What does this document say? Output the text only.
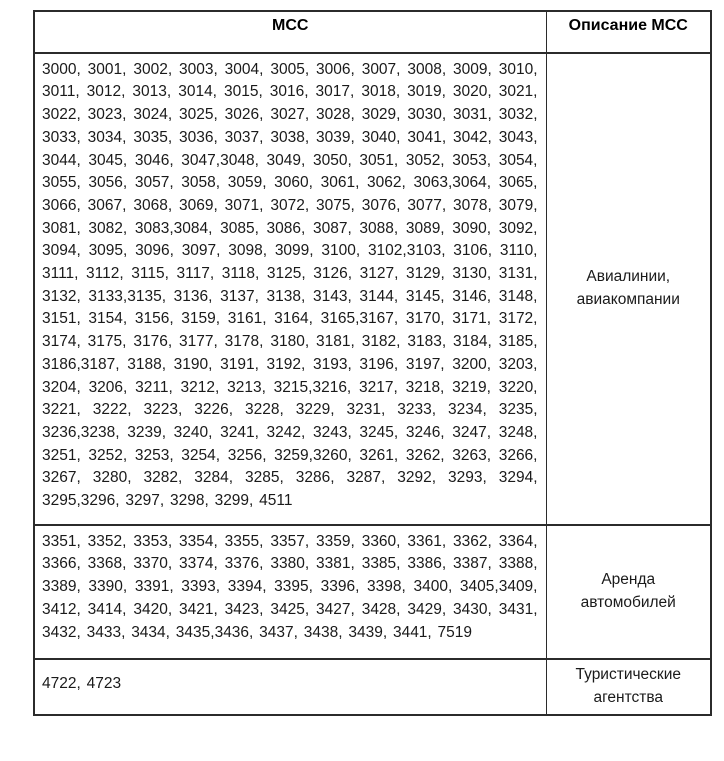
MCC	Описание MCC
3000, 3001, 3002, 3003, 3004, 3005, 3006, 3007, 3008, 3009, 3010, 3011, 3012, 3013, 3014, 3015, 3016, 3017, 3018, 3019, 3020, 3021, 3022, 3023, 3024, 3025, 3026, 3027, 3028, 3029, 3030, 3031, 3032, 3033, 3034, 3035, 3036, 3037, 3038, 3039, 3040, 3041, 3042, 3043, 3044, 3045, 3046, 3047,3048, 3049, 3050, 3051, 3052, 3053, 3054, 3055, 3056, 3057, 3058, 3059, 3060, 3061, 3062, 3063,3064, 3065, 3066, 3067, 3068, 3069, 3071, 3072, 3075, 3076, 3077, 3078, 3079, 3081, 3082, 3083,3084, 3085, 3086, 3087, 3088, 3089, 3090, 3092, 3094, 3095, 3096, 3097, 3098, 3099, 3100, 3102,3103, 3106, 3110, 3111, 3112, 3115, 3117, 3118, 3125, 3126, 3127, 3129, 3130, 3131, 3132, 3133,3135, 3136, 3137, 3138, 3143, 3144, 3145, 3146, 3148, 3151, 3154, 3156, 3159, 3161, 3164, 3165,3167, 3170, 3171, 3172, 3174, 3175, 3176, 3177, 3178, 3180, 3181, 3182, 3183, 3184, 3185, 3186,3187, 3188, 3190, 3191, 3192, 3193, 3196, 3197, 3200, 3203, 3204, 3206, 3211, 3212, 3213, 3215,3216, 3217, 3218, 3219, 3220, 3221, 3222, 3223, 3226, 3228, 3229, 3231, 3233, 3234, 3235, 3236,3238, 3239, 3240, 3241, 3242, 3243, 3245, 3246, 3247, 3248, 3251, 3252, 3253, 3254, 3256, 3259,3260, 3261, 3262, 3263, 3266, 3267, 3280, 3282, 3284, 3285, 3286, 3287, 3292, 3293, 3294, 3295,3296, 3297, 3298, 3299, 4511	Авиалинии, авиакомпании
3351, 3352, 3353, 3354, 3355, 3357, 3359, 3360, 3361, 3362, 3364, 3366, 3368, 3370, 3374, 3376, 3380, 3381, 3385, 3386, 3387, 3388, 3389, 3390, 3391, 3393, 3394, 3395, 3396, 3398, 3400, 3405,3409, 3412, 3414, 3420, 3421, 3423, 3425, 3427, 3428, 3429, 3430, 3431, 3432, 3433, 3434, 3435,3436, 3437, 3438, 3439, 3441, 7519	Аренда автомобилей
4722, 4723	Туристические агентства
